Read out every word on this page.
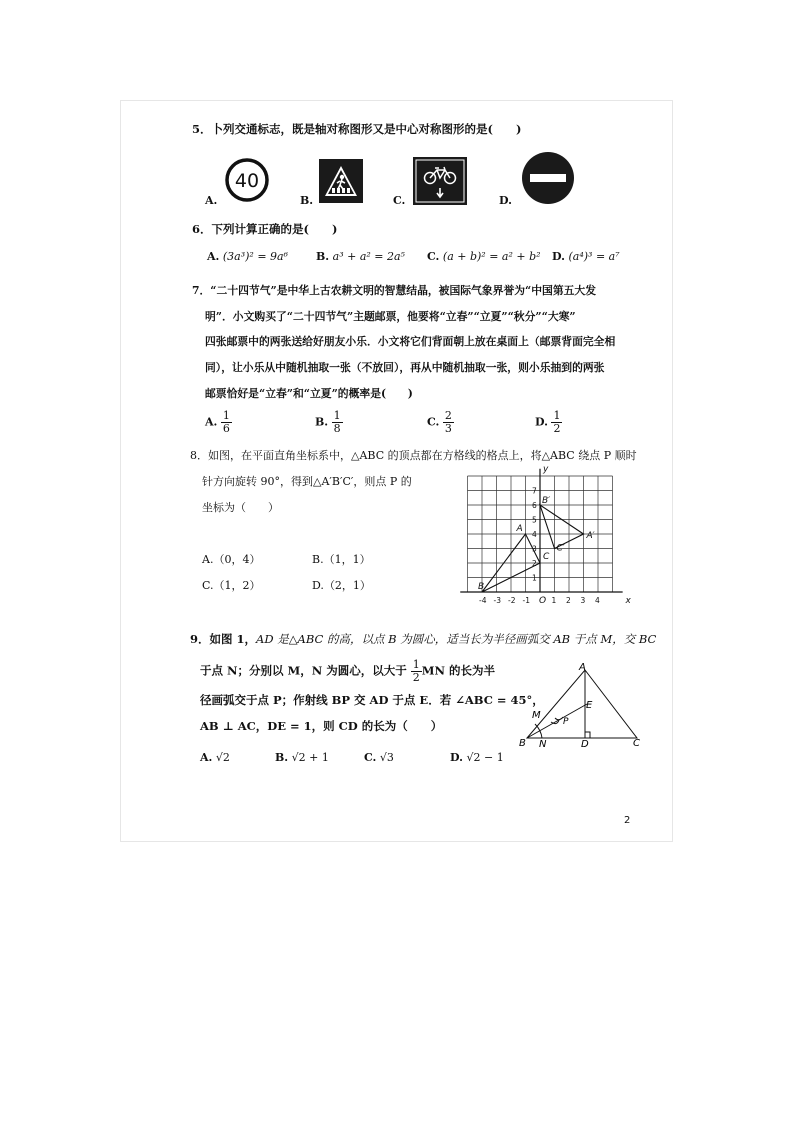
5．卜列交通标志，既是轴对称图形又是中心对称图形的是(　　)
A.
40
B.	C.	D.
6．下列计算正确的是(　　)
A. (3a³)² = 9a⁶	B. a³ + a² = 2a⁵ C. (a + b)² = a² + b² D. (a⁴)³ = a⁷
7．“二十四节气”是中华上古农耕文明的智慧结晶，被国际气象界誉为“中国第五大发
明”．小文购买了“二十四节气”主题邮票，他要将“立春”“立夏”“秋分”“大寒”
四张邮票中的两张送给好朋友小乐．小文将它们背面朝上放在桌面上（邮票背面完全相
同），让小乐从中随机抽取一张（不放回），再从中随机抽取一张，则小乐抽到的两张
邮票恰好是“立春”和“立夏”的概率是(　　)
A. $\frac{1}{6}$	B. $\frac{1}{8}$	C. $\frac{2}{3}$	D. $\frac{1}{2}$
8．如图，在平面直角坐标系中，△ABC 的顶点都在方格线的格点上，将△ABC 绕点 P 顺时
针方向旋转 90°，得到△A′B′C′，则点 P 的
坐标为（　　）
A.（0，4）	B.（1，1）
C.（1，2）	D.（2，1）
-4 -3 -2 -1	1 2 3 4
1
2
3
4
5
6
7
x
y
O
A
B
C
A′
B′
C′
9．如图 1，AD 是△ABC 的高，以点 B 为圆心，适当长为半径画弧交 AB 于点 M，交 BC
于点 N；分别以 M，N 为圆心，以大于 $\frac{1}{2}$ MN 的长为半
径画弧交于点 P；作射线 BP 交 AD 于点 E．若 ∠ABC = 45°，
AB ⊥ AC，DE = 1，则 CD 的长为（　　）
A. √2	B. √2 + 1	C. √3	D. √2 − 1
A
B	C
D
E
M
N
P
2
